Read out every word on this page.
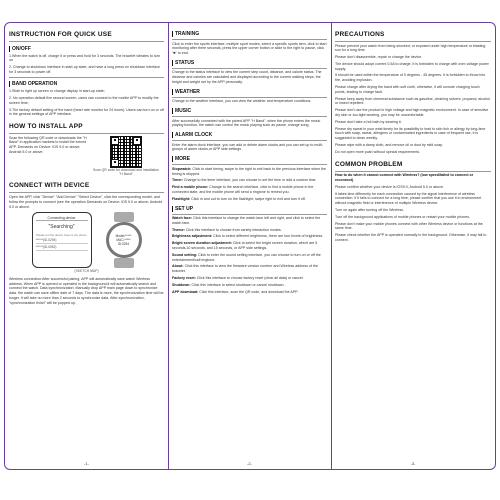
INSTRUCTION FOR QUICK USE
ON/OFF
1.When the watch is off, charge it or press and hold for 3 seconds. The bracelet vibrates to turn on
2. Change to shutdown interface in start-up state, and have a long press on shutdown interface for 3 seconds to power off.
BAND OPERATION
1.Slide to right up screen or change display in start-up state;
2. No operation default five second screen, users can connect to the mobile APP to modify the screen time;
3.The factory default setting of the band (heart rate monitor for 24 hours). Users can turn on or off in the general settings of APP interface.
HOW TO INSTALL APP
Scan the following QR code or downloads the "H Band" in application markets to install the ivened APP. Demands on Device: IOS 9.0 or above; Android 5.0 or above.
Scan QR code for download and installation "H Band"
CONNECT WITH DEVICE
Open the APP, click "Device" "Add Device" "Select Device", click the corresponding model, and follow the prompts to connect (see the operation Demands on Device: iOS 9.0 or above; Android 5.0 or above.
Connecting device
"Searching"
Please put the device close to the phone
******(ID-0294)
******(ID-0552)
Model:*****
MAC:*****
ID:0294
(SKETCH MAP)
Wireless connection:After successful pairing, APP will automatically save watch Wireless address. When APP is opened or operated in the background,it will automatically search and connect the watch. Data synchronization: Manually drop APP main page down to synchronize data. the watch can save offline date of 7 days. The data is more, the synchronization time will be longer. It will take no more than 2 seconds to synchronize data. After synchronization, "synchronization finish" will be popped up.
-1-
TRAINING
Click to enter the sports interface, multiple sport modes, select a specific sports item, click to start monitoring after three seconds, press the upper corner button or slide to the right to pause, click "■" to end.
STATUS
Change to the status interface to view the current step count, distance, and calorie status. The distance and calories are calculated and displayed according to the current walking steps, the height and weight set by the APP personally.
WEATHER
Change to the weather interface, you can view the weather and temperature conditions.
MUSIC
After successfully connected with the paired APP "H Band", when the phone enters the music playing function, the watch can control the music playing such as pause, change song.
ALARM CLOCK
Enter the alarm clock interface, you can add or delete alarm clocks,and you can set up to multi-groups of alarm clocks,or APP side settings.
MORE
Stopwatch: Click to start timing, swipe to the right to exit back to the previous interface when the timing is stopped.
Timer: Change to the timer interface, you can choose to set the time or add a custom time.
Find a mobile phone: Change to the search interface, click to find a mobile phone in the connected state, and the mobile phone will send a ringtone to remind you.
Flashlight: Click in and out to turn on the flashlight, swipe right to exit and turn it off.
SET UP
Watch face: Click this interface to change the watch face left and right, and click to select the watch face.
Theme: Click this interface to choose from variety interaction modes.
Brightness adjustment: Click to select different brightness, there are four levels of brightness.
Bright screen duration adjustment: Click to select the bright screen duration, which are 5 seconds,10 seconds, and 15 seconds, or APP side settings.
Sound setting: Click to enter the sound setting interface, you can choose to turn on or off the entertainment/call ringtone.
About: Click this interface to view the firmware version number and Wireless address of the bracelet.
Factory reset: Click this interface to choose factory reset (clear all data) or cancel.
Shutdown: Click this interface to select shutdown or cancel shutdown.
APP download: Click this interface, scan the QR code, and download the APP.
-2-
PRECAUTIONS
Please prevent your watch from being shocked, or exposed under high temperature or blasting sun for a long time.
Please don't disassemble, repair or change the device.
The device should adopt current 0.5A to charge, it is forbidden to charge with over-voltage power supply.
It should be used within the temperature of 0 degrees - 45 degrees. It is forbidden to throw into fire, avoiding explosion.
Please charge after drying the band with soft cloth, otherwise, it will corrode charging touch points, leading to charge fault.
Please keep away from chemical substance such as gasoline, cleaning solvent, propanol, alcohol or insect repellent.
Please don't use the product in high voltage and high magnetic environment. In case of sensitive dry skin or too-tight wearing, you may be uncomfortable.
Please don't take a hot bath by wearing it.
Please dry sweat in your wrist timely for its possibility to lead to skin itch or allergy by long-time touch with soap, sweat, allergens or contaminated ingredients in case of frequent use, it is suggested to clean weekly.
Please wipe with a damp cloth, and remove oil or dust by mild soap.
Do not open more push without special requirements.
COMMON PROBLEM
How to do when it cannot connect with Wireless? (low speed/failed to connect or reconnect)
Please confirm whether your device is IOS9.0, Android 5.0 or above.
It takes time differently for each connection caused by the signal interference of wireless connection. If it fails to connect for a long time, please confirm that you use it in environment without magnetic field or interference of multiple Wireless device.
Turn on again after turning off the Wireless.
Turn off the background applications of mobile phones or restart your mobile phones.
Please don't make your mobile phones connect with other Wireless device or functions at the same time.
Please check whether the APP is operated normally in the background. Otherwise, it may fail to connect.
-3-
